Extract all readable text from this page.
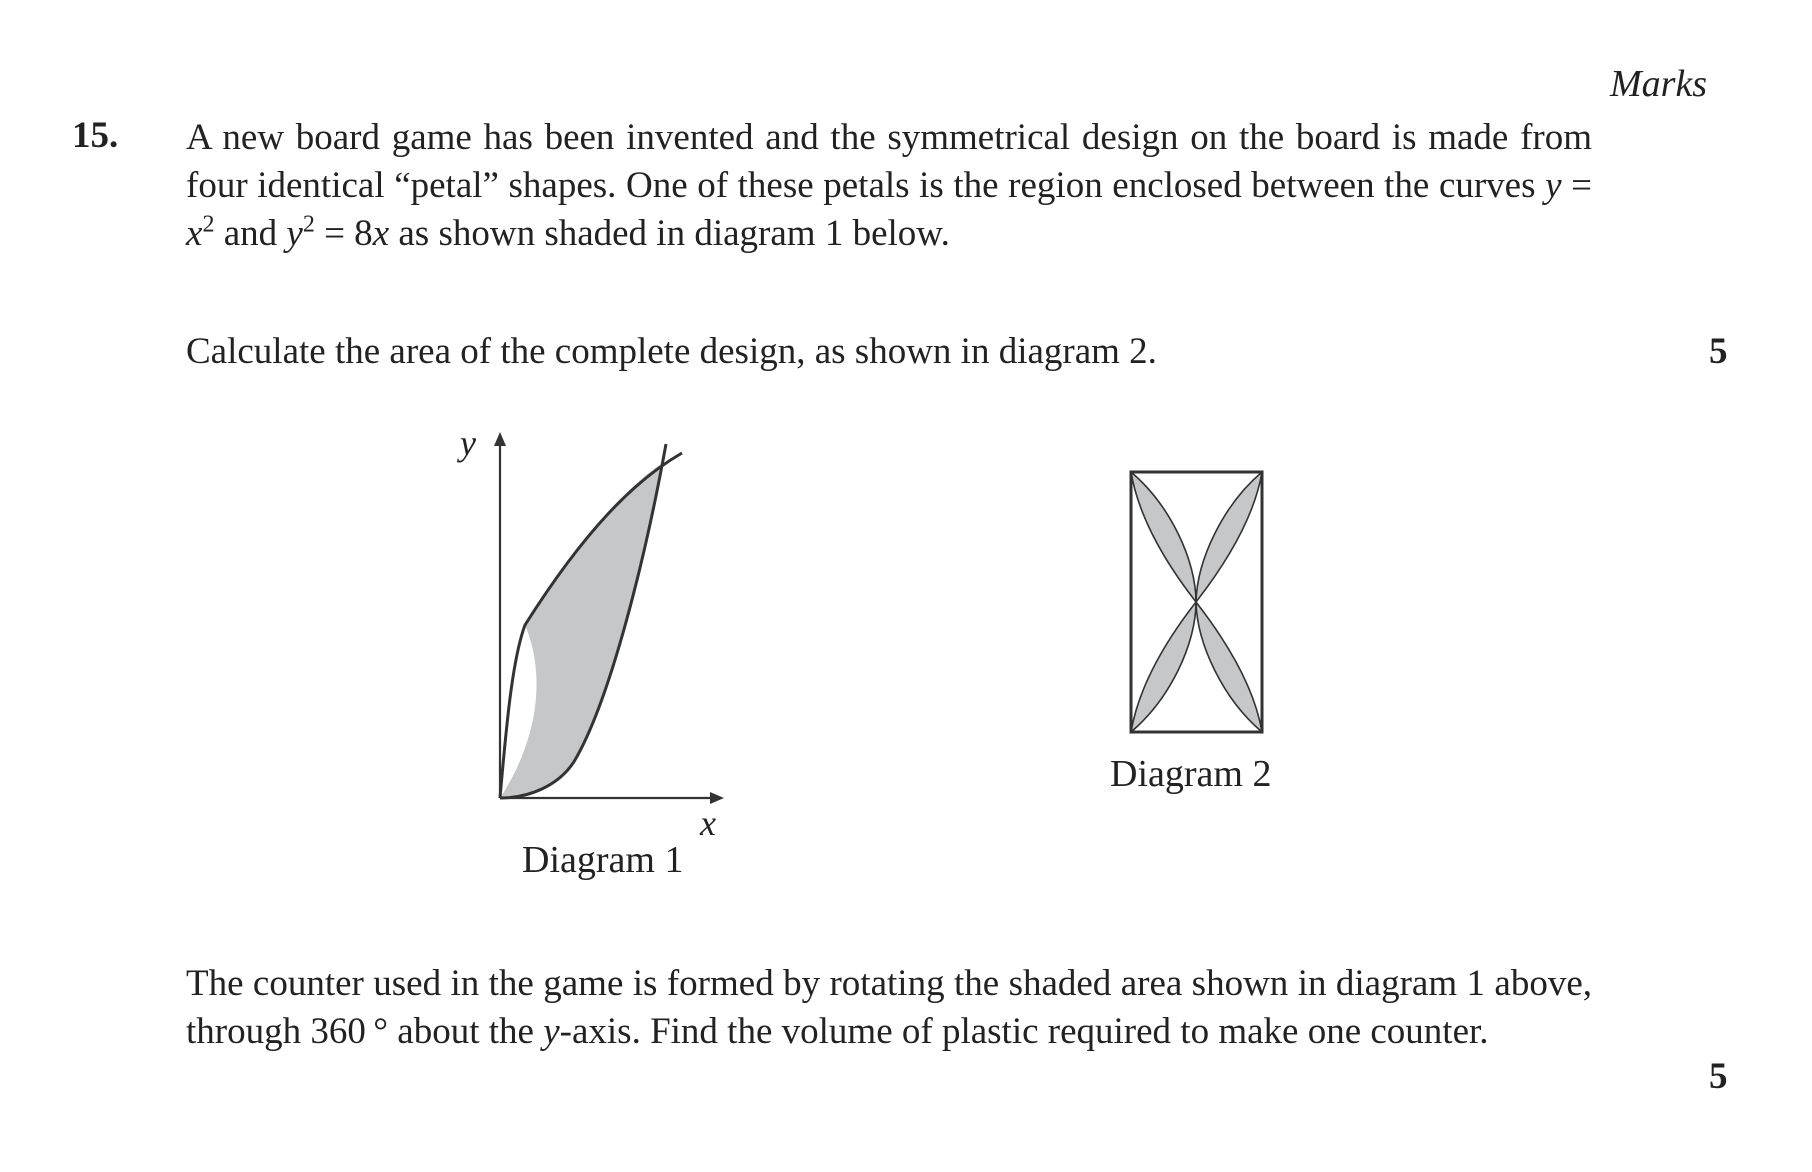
Marks
15. A new board game has been invented and the symmetrical design on the board is made from four identical “petal” shapes. One of these petals is the region enclosed between the curves $y = x^2$ and $y^2 = 8x$ as shown shaded in diagram 1 below.
Calculate the area of the complete design, as shown in diagram 2.	5
y
x
Diagram 1
Diagram 2
The counter used in the game is formed by rotating the shaded area shown in diagram 1 above, through 360 ° about the y-axis. Find the volume of plastic required to make one counter.
5
